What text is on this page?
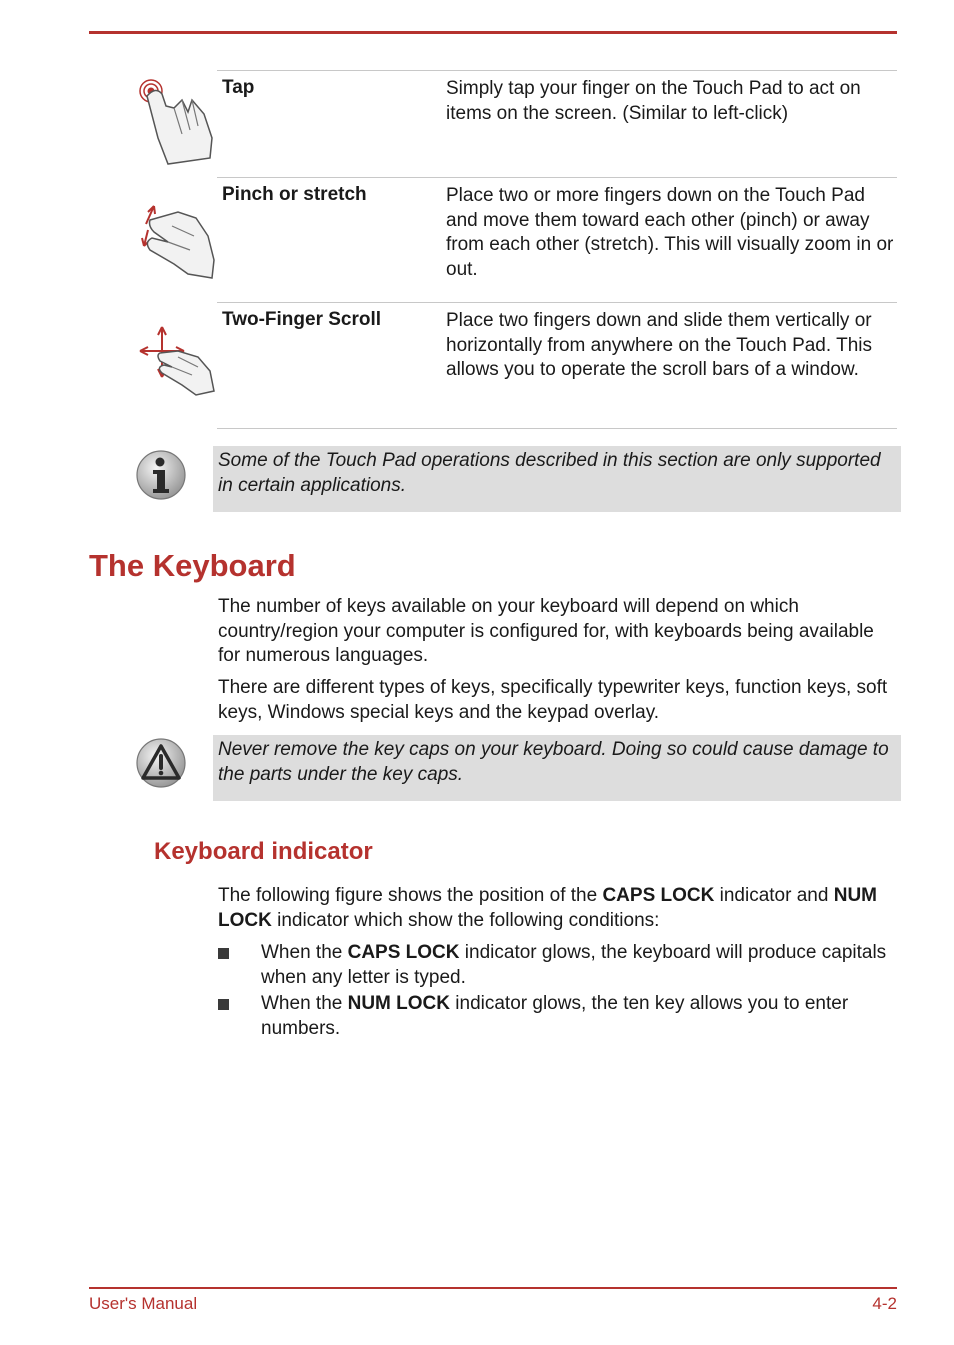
Tap	Simply tap your finger on the Touch Pad to act on items on the screen. (Similar to left-click)
Pinch or stretch	Place two or more fingers down on the Touch Pad and move them toward each other (pinch) or away from each other (stretch). This will visually zoom in or out.
Two-Finger Scroll	Place two fingers down and slide them vertically or horizontally from anywhere on the Touch Pad. This allows you to operate the scroll bars of a window.

Some of the Touch Pad operations described in this section are only supported in certain applications.

The Keyboard

The number of keys available on your keyboard will depend on which country/region your computer is configured for, with keyboards being available for numerous languages.

There are different types of keys, specifically typewriter keys, function keys, soft keys, Windows special keys and the keypad overlay.

Never remove the key caps on your keyboard. Doing so could cause damage to the parts under the key caps.

Keyboard indicator

The following figure shows the position of the CAPS LOCK indicator and NUM LOCK indicator which show the following conditions:

When the CAPS LOCK indicator glows, the keyboard will produce capitals when any letter is typed.
When the NUM LOCK indicator glows, the ten key allows you to enter numbers.
User's Manual	4-2
